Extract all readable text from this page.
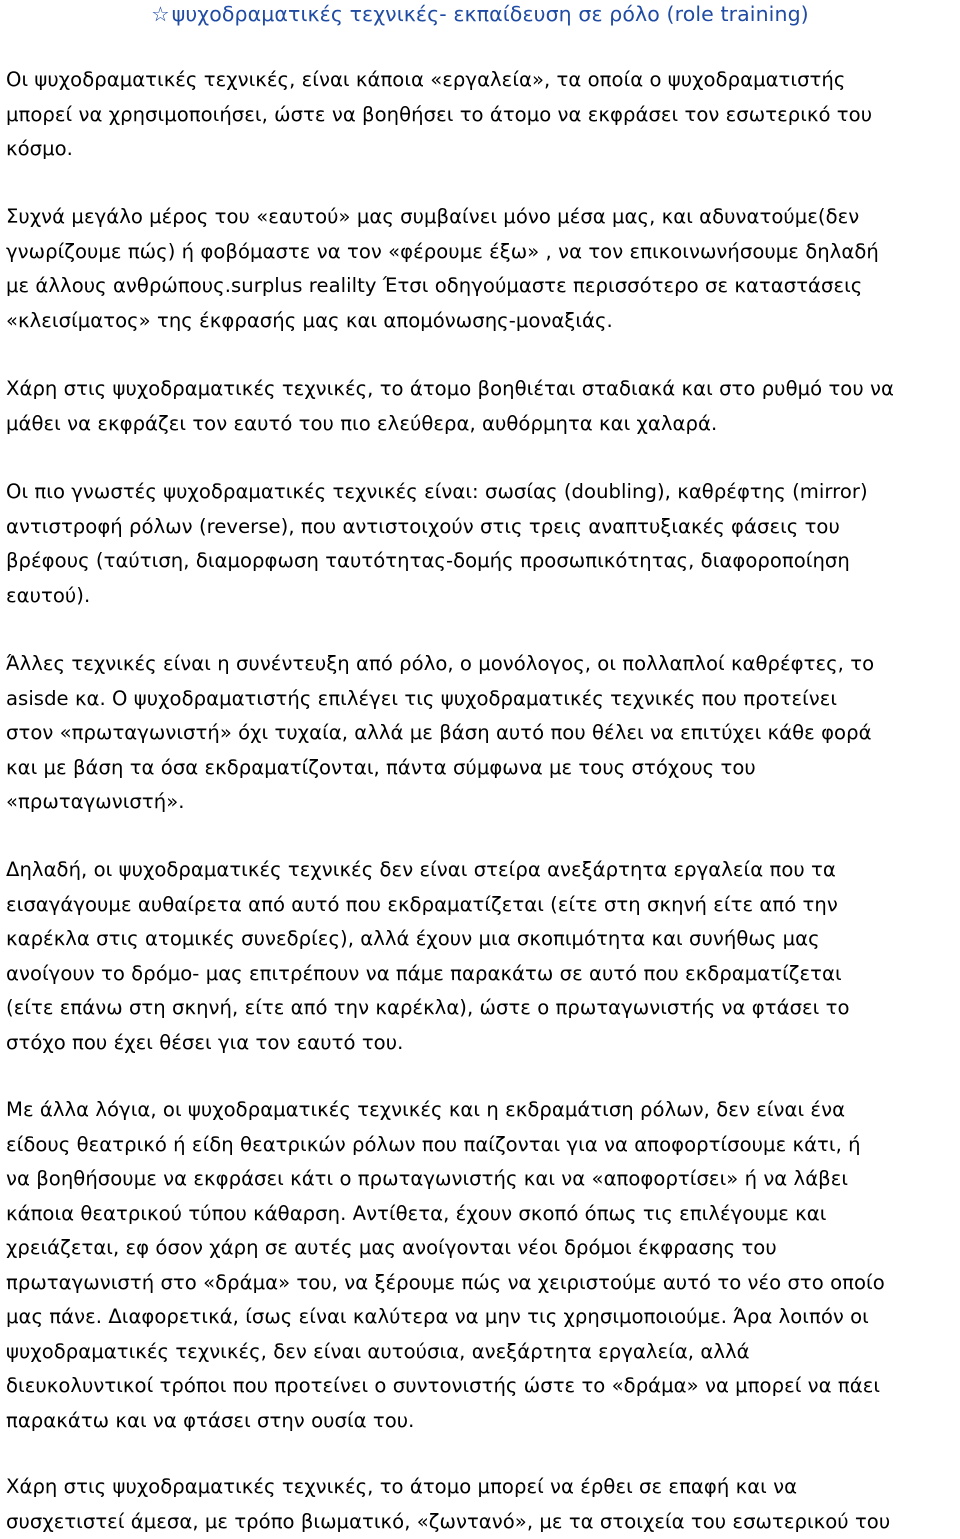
☆ψυχοδραματικές τεχνικές- εκπαίδευση σε ρόλο (role training)
Οι ψυχοδραματικές τεχνικές, είναι κάποια «εργαλεία», τα οποία ο ψυχοδραματιστής
μπορεί να χρησιμοποιήσει, ώστε να βοηθήσει το άτομο να εκφράσει τον εσωτερικό του
κόσμο.
Συχνά μεγάλο μέρος του «εαυτού» μας συμβαίνει μόνο μέσα μας, και αδυνατούμε(δεν
γνωρίζουμε πώς) ή φοβόμαστε να τον «φέρουμε έξω» , να τον επικοινωνήσουμε δηλαδή
με άλλους ανθρώπους.surplus realilty Έτσι οδηγούμαστε περισσότερο σε καταστάσεις
«κλεισίματος» της έκφρασής μας και απομόνωσης-μοναξιάς.
Χάρη στις ψυχοδραματικές τεχνικές, το άτομο βοηθιέται σταδιακά και στο ρυθμό του να
μάθει να εκφράζει τον εαυτό του πιο ελεύθερα, αυθόρμητα και χαλαρά.
Οι πιο γνωστές ψυχοδραματικές τεχνικές είναι: σωσίας (doubling), καθρέφτης (mirror)
αντιστροφή ρόλων (reverse), που αντιστοιχούν στις τρεις αναπτυξιακές φάσεις του
βρέφους (ταύτιση, διαμορφωση ταυτότητας-δομής προσωπικότητας, διαφοροποίηση
εαυτού).
Άλλες τεχνικές είναι η συνέντευξη από ρόλο, ο μονόλογος, οι πολλαπλοί καθρέφτες, το
asisde κα. Ο ψυχοδραματιστής επιλέγει τις ψυχοδραματικές τεχνικές που προτείνει
στον «πρωταγωνιστή» όχι τυχαία, αλλά με βάση αυτό που θέλει να επιτύχει κάθε φορά
και με βάση τα όσα εκδραματίζονται, πάντα σύμφωνα με τους στόχους του
«πρωταγωνιστή».
Δηλαδή, οι ψυχοδραματικές τεχνικές δεν είναι στείρα ανεξάρτητα εργαλεία που τα
εισαγάγουμε αυθαίρετα από αυτό που εκδραματίζεται (είτε στη σκηνή είτε από την
καρέκλα στις ατομικές συνεδρίες), αλλά έχουν μια σκοπιμότητα και συνήθως μας
ανοίγουν το δρόμο- μας επιτρέπουν να πάμε παρακάτω σε αυτό που εκδραματίζεται
(είτε επάνω στη σκηνή, είτε από την καρέκλα), ώστε ο πρωταγωνιστής να φτάσει το
στόχο που έχει θέσει για τον εαυτό του.
Με άλλα λόγια, οι ψυχοδραματικές τεχνικές και η εκδραμάτιση ρόλων, δεν είναι ένα
είδους θεατρικό ή είδη θεατρικών ρόλων που παίζονται για να αποφορτίσουμε κάτι, ή
να βοηθήσουμε να εκφράσει κάτι ο πρωταγωνιστής και να «αποφορτίσει» ή να λάβει
κάποια θεατρικού τύπου κάθαρση. Αντίθετα, έχουν σκοπό όπως τις επιλέγουμε και
χρειάζεται, εφ όσον χάρη σε αυτές μας ανοίγονται νέοι δρόμοι έκφρασης του
πρωταγωνιστή στο «δράμα» του, να ξέρουμε πώς να χειριστούμε αυτό το νέο στο οποίο
μας πάνε. Διαφορετικά, ίσως είναι καλύτερα να μην τις χρησιμοποιούμε. Άρα λοιπόν οι
ψυχοδραματικές τεχνικές, δεν είναι αυτούσια, ανεξάρτητα εργαλεία, αλλά
διευκολυντικοί τρόποι που προτείνει ο συντονιστής ώστε το «δράμα» να μπορεί να πάει
παρακάτω και να φτάσει στην ουσία του.
Χάρη στις ψυχοδραματικές τεχνικές, το άτομο μπορεί να έρθει σε επαφή και να
συσχετιστεί άμεσα, με τρόπο βιωματικό, «ζωντανό», με τα στοιχεία του εσωτερικού του
